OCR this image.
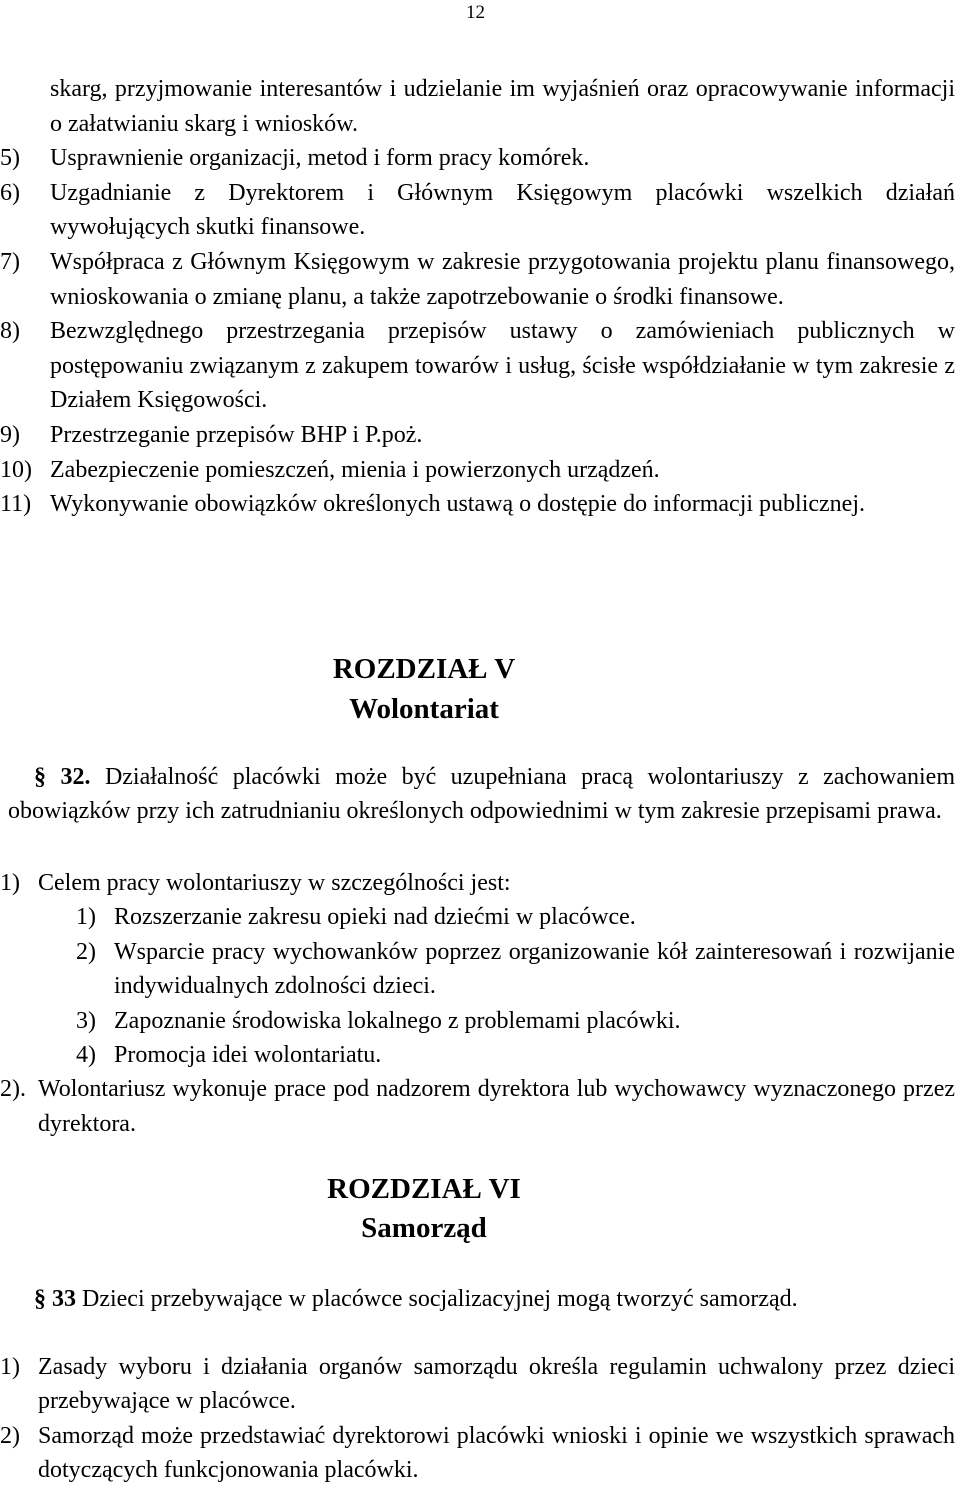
12
skarg, przyjmowanie interesantów i udzielanie im wyjaśnień oraz opracowywanie informacji o załatwianiu skarg i wniosków.
5) Usprawnienie organizacji, metod i form pracy komórek.
6) Uzgadnianie z Dyrektorem i Głównym Księgowym placówki wszelkich działań wywołujących skutki finansowe.
7) Współpraca z Głównym Księgowym w zakresie przygotowania projektu planu finansowego, wnioskowania o zmianę planu, a także zapotrzebowanie o środki finansowe.
8) Bezwzględnego przestrzegania przepisów ustawy o zamówieniach publicznych w postępowaniu związanym z zakupem towarów i usług, ścisłe współdziałanie w tym zakresie z Działem Księgowości.
9) Przestrzeganie przepisów BHP i P.poż.
10) Zabezpieczenie pomieszczeń, mienia i powierzonych urządzeń.
11) Wykonywanie obowiązków określonych ustawą o dostępie do informacji publicznej.
ROZDZIAŁ V
Wolontariat
§ 32. Działalność placówki może być uzupełniana pracą wolontariuszy z zachowaniem obowiązków przy ich zatrudnianiu określonych odpowiednimi w tym zakresie przepisami prawa.
1) Celem pracy wolontariuszy w szczególności jest:
1) Rozszerzanie zakresu opieki nad dziećmi w placówce.
2) Wsparcie pracy wychowanków poprzez organizowanie kół zainteresowań i rozwijanie indywidualnych zdolności dzieci.
3) Zapoznanie środowiska lokalnego z problemami placówki.
4) Promocja idei wolontariatu.
2). Wolontariusz wykonuje prace pod nadzorem dyrektora lub wychowawcy wyznaczonego przez dyrektora.
ROZDZIAŁ VI
Samorząd
§ 33 Dzieci przebywające w placówce socjalizacyjnej mogą tworzyć samorząd.
1) Zasady wyboru i działania organów samorządu określa regulamin uchwalony przez dzieci przebywające w placówce.
2) Samorząd może przedstawiać dyrektorowi placówki wnioski i opinie we wszystkich sprawach dotyczących funkcjonowania placówki.
